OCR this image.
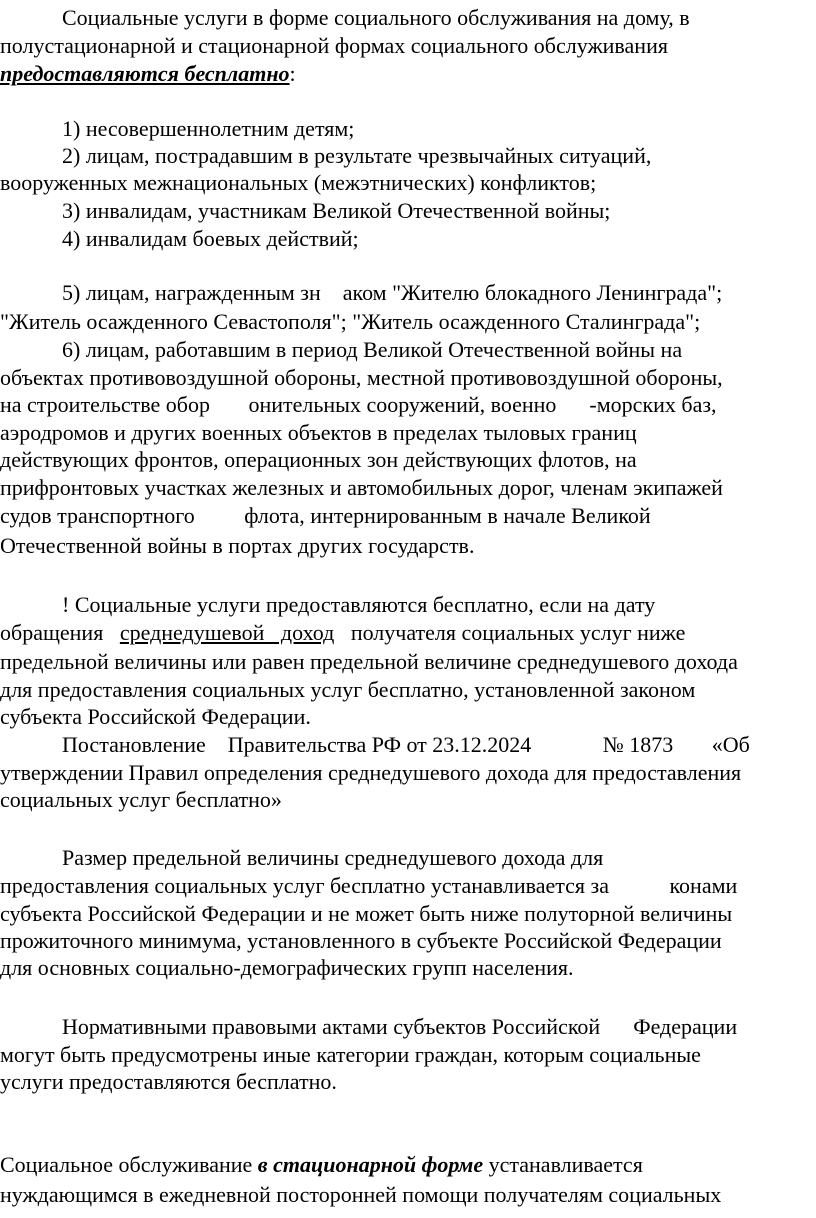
Социальные услуги в форме социального обслуживания на дому, в
полустационарной и стационарной формах социального обслуживания
предоставляются бесплатно:
1) несовершеннолетним детям;
2) лицам, пострадавшим в результате чрезвычайных ситуаций,
вооруженных межнациональных (межэтнических) конфликтов;
3) инвалидам, участникам Великой Отечественной войны;
4) инвалидам боевых действий;
5) лицам, награжденным зн    аком "Жителю блокадного Ленинграда";
"Житель осажденного Севастополя"; "Житель осажденного Сталинграда";
6) лицам, работавшим в период Великой Отечественной войны на
объектах противовоздушной обороны, местной противовоздушной обороны,
на строительстве обор       онительных сооружений, военно      -морских баз,
аэродромов и других военных объектов в пределах тыловых границ
действующих фронтов, операционных зон действующих флотов, на
прифронтовых участках железных и автомобильных дорог, членам экипажей
судов транспортного         флота, интернированным в начале Великой
Отечественной войны в портах других государств.
! Социальные услуги предоставляются бесплатно, если на дату
обращения   среднедушевой   доход   получателя социальных услуг ниже
предельной величины или равен предельной величине среднедушевого дохода
для предоставления социальных услуг бесплатно, установленной законом
субъекта Российской Федерации.
Постановление    Правительства РФ от 23.12.2024             № 1873       «Об
утверждении Правил определения среднедушевого дохода для предоставления
социальных услуг бесплатно»
Размер предельной величины среднедушевого дохода для
предоставления социальных услуг бесплатно устанавливается за           конами
субъекта Российской Федерации и не может быть ниже полуторной величины
прожиточного минимума, установленного в субъекте Российской Федерации
для основных социально-демографических групп населения.
Нормативными правовыми актами субъектов Российской      Федерации
могут быть предусмотрены иные категории граждан, которым социальные
услуги предоставляются бесплатно.
Социальное обслуживание в стационарной форме устанавливается
нуждающимся в ежедневной посторонней помощи получателям социальных
